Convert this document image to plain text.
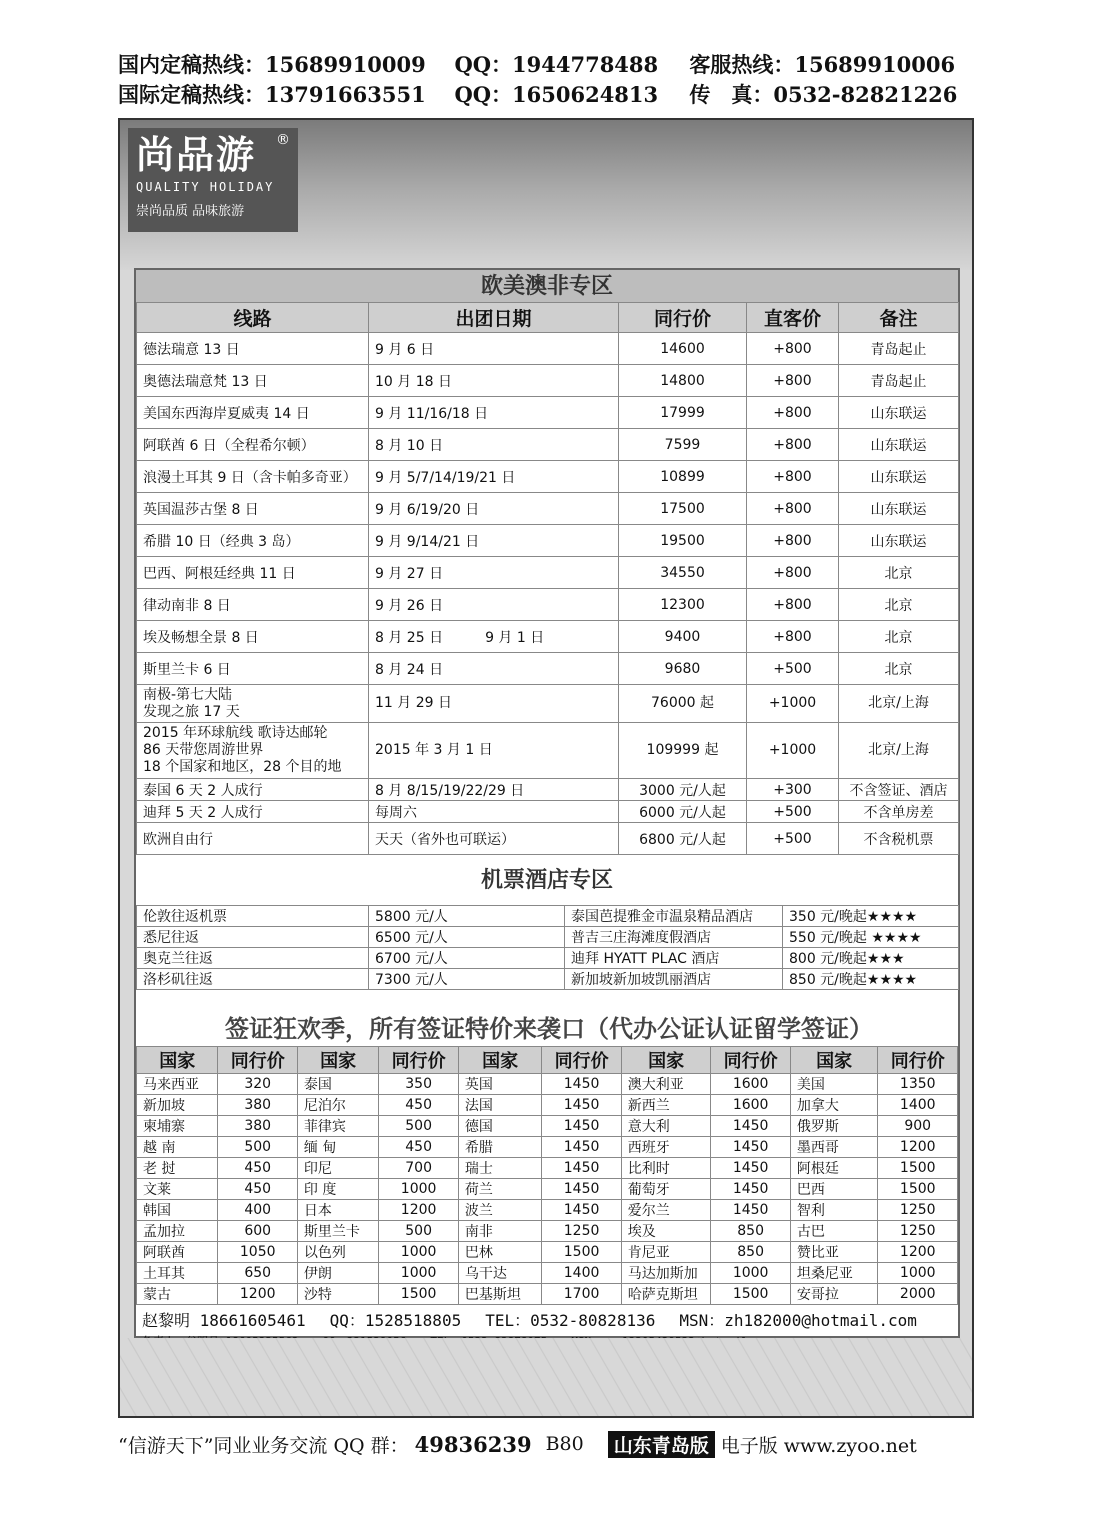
国内定稿热线：15689910009	QQ：1944778488	客服热线：15689910006
国际定稿热线：13791663551	QQ：1650624813	传　真：0532-82821226
尚品游	®
QUALITY HOLIDAY
崇尚品质 品味旅游
欧美澳非专区
线路	出团日期	同行价	直客价	备注
德法瑞意 13 日	9 月 6 日	14600	+800	青岛起止
奥德法瑞意梵 13 日	10 月 18 日	14800	+800	青岛起止
美国东西海岸夏威夷 14 日	9 月 11/16/18 日	17999	+800	山东联运
阿联酋 6 日（全程希尔顿）	8 月 10 日	7599	+800	山东联运
浪漫土耳其 9 日（含卡帕多奇亚）	9 月 5/7/14/19/21 日	10899	+800	山东联运
英国温莎古堡 8 日	9 月 6/19/20 日	17500	+800	山东联运
希腊 10 日（经典 3 岛）	9 月 9/14/21 日	19500	+800	山东联运
巴西、阿根廷经典 11 日	9 月 27 日	34550	+800	北京
律动南非 8 日	9 月 26 日	12300	+800	北京
埃及畅想全景 8 日	8 月 25 日　　　9 月 1 日	9400	+800	北京
斯里兰卡 6 日	8 月 24 日	9680	+500	北京
南极-第七大陆
发现之旅 17 天	11 月 29 日	76000 起	+1000	北京/上海
2015 年环球航线 歌诗达邮轮
86 天带您周游世界
18 个国家和地区，28 个目的地	2015 年 3 月 1 日	109999 起	+1000	北京/上海
泰国 6 天 2 人成行	8 月 8/15/19/22/29 日	3000 元/人起	+300	不含签证、酒店
迪拜 5 天 2 人成行	每周六	6000 元/人起	+500	不含单房差
欧洲自由行	天天（省外也可联运）	6800 元/人起	+500	不含税机票
机票酒店专区
伦敦往返机票	5800 元/人	泰国芭提雅金市温泉精品酒店	350 元/晚起★★★★
悉尼往返	6500 元/人	普吉三庄海滩度假酒店	550 元/晚起 ★★★★
奥克兰往返	6700 元/人	迪拜 HYATT PLAC 酒店	800 元/晚起★★★
洛杉矶往返	7300 元/人	新加坡新加坡凯丽酒店	850 元/晚起★★★★
签证狂欢季，所有签证特价来袭口（代办公证认证留学签证）
国家	同行价	国家	同行价	国家	同行价	国家	同行价	国家	同行价
马来西亚	320	泰国	350	英国	1450	澳大利亚	1600	美国	1350
新加坡	380	尼泊尔	450	法国	1450	新西兰	1600	加拿大	1400
柬埔寨	380	菲律宾	500	德国	1450	意大利	1450	俄罗斯	900
越 南	500	缅 甸	450	希腊	1450	西班牙	1450	墨西哥	1200
老 挝	450	印尼	700	瑞士	1450	比利时	1450	阿根廷	1500
文莱	450	印 度	1000	荷兰	1450	葡萄牙	1450	巴西	1500
韩国	400	日本	1200	波兰	1450	爱尔兰	1450	智利	1250
孟加拉	600	斯里兰卡	500	南非	1250	埃及	850	古巴	1250
阿联酋	1050	以色列	1000	巴林	1500	肯尼亚	850	赞比亚	1200
土耳其	650	伊朗	1000	乌干达	1400	马达加斯加	1000	坦桑尼亚	1000
蒙古	1200	沙特	1500	巴基斯坦	1700	哈萨克斯坦	1500	安哥拉	2000
赵黎明 18661605461 QQ：1528518805 TEL：0532-80828136 MSN：zh182000@hotmail.com
“信游天下”同业业务交流 QQ 群： 49836239 B80	山东青岛版 电子版 www.zyoo.net
